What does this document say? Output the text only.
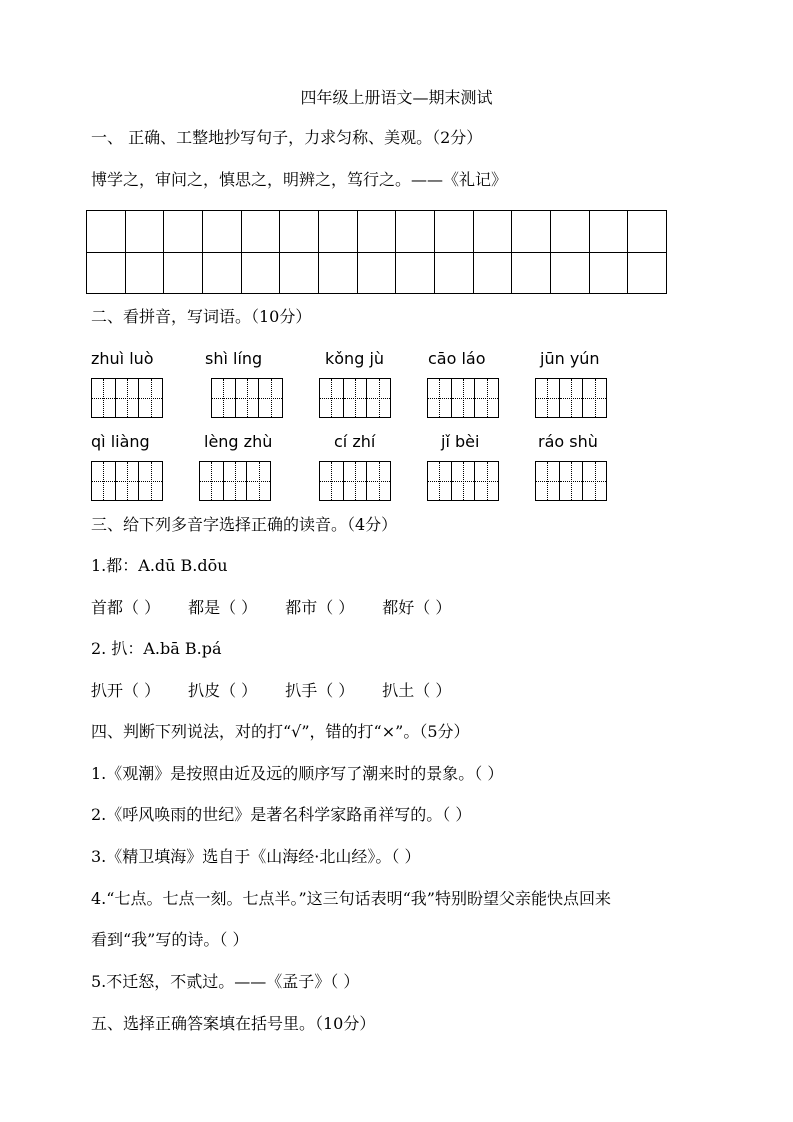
四年级上册语文—期末测试
一、 正确、工整地抄写句子，力求匀称、美观。（2分）
博学之，审问之，慎思之，明辨之，笃行之。——《礼记》

二、看拼音，写词语。（10分）
zhuì luò	shì líng	kǒng jù	cāo láo	jūn yún
qì liàng	lèng zhù	cí zhí	jǐ bèi	ráo shù
三、给下列多音字选择正确的读音。（4分）
1.都：A.dū B.dōu
首都（ ） 都是（ ） 都市（ ） 都好（ ）
2. 扒：A.bā B.pá
扒开（ ） 扒皮（ ） 扒手（ ） 扒土（ ）
四、判断下列说法，对的打“√”，错的打“×”。（5分）
1.《观潮》是按照由近及远的顺序写了潮来时的景象。（ ）
2.《呼风唤雨的世纪》是著名科学家路甬祥写的。（ ）
3.《精卫填海》选自于《山海经·北山经》。（ ）
4.“七点。七点一刻。七点半。”这三句话表明“我”特别盼望父亲能快点回来
看到“我”写的诗。（ ）
5.不迁怒，不贰过。——《孟子》（ ）
五、选择正确答案填在括号里。（10分）
